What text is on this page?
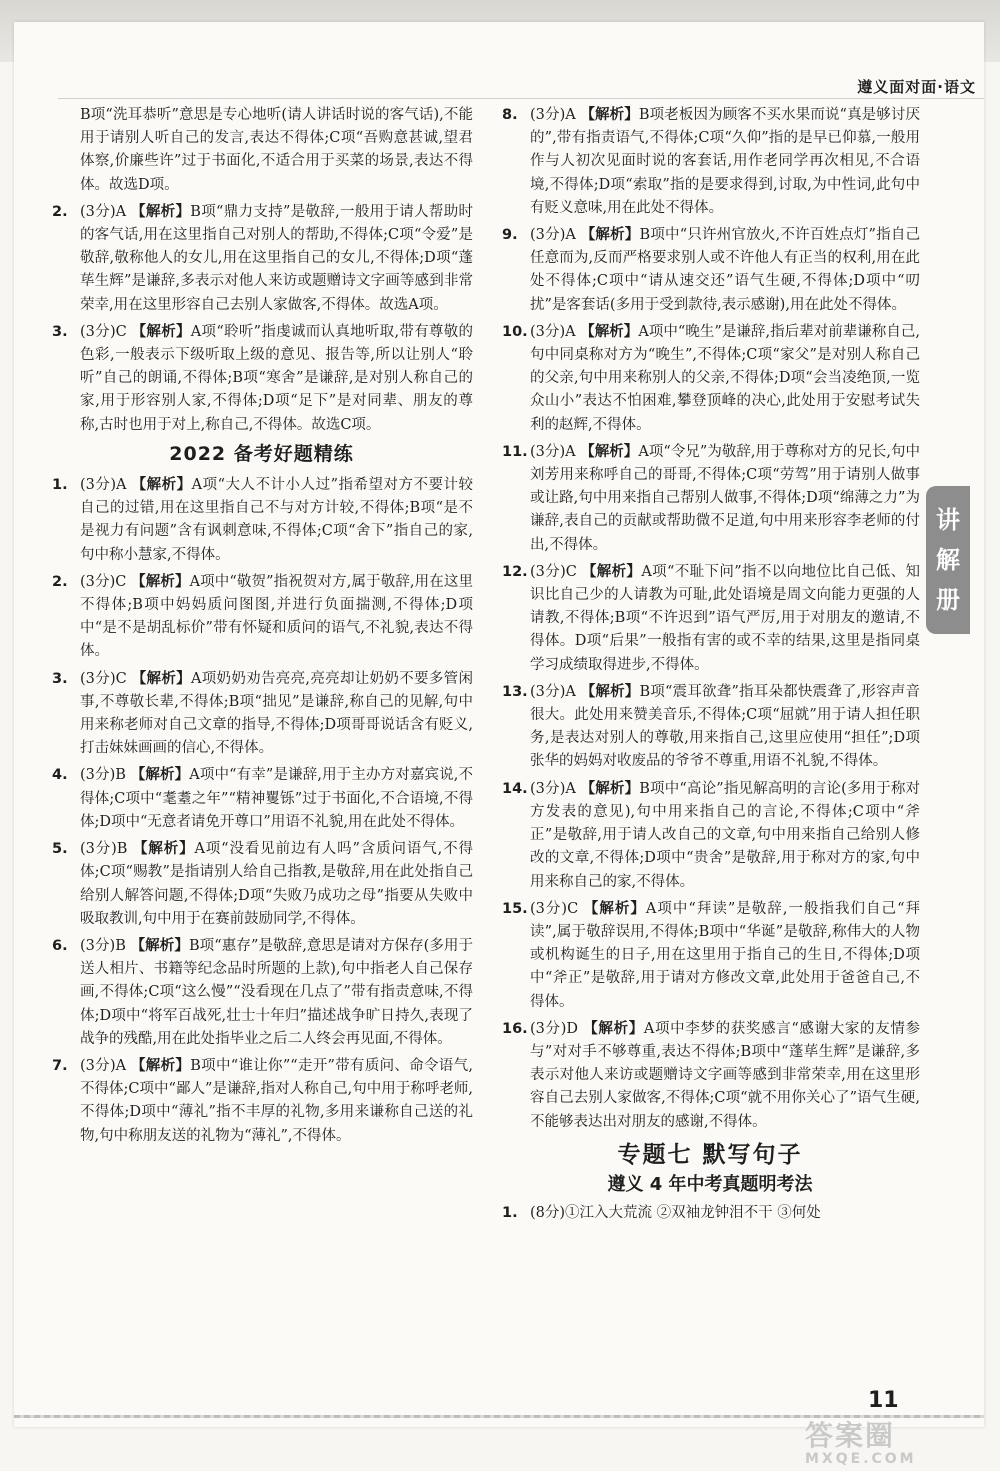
遵义面对面·语文
B项“洗耳恭听”意思是专心地听(请人讲话时说的客气话),不能用于请别人听自己的发言,表达不得体;C项“吾购意甚诚,望君体察,价廉些许”过于书面化,不适合用于买菜的场景,表达不得体。故选D项。
2. (3分)A 【解析】B项“鼎力支持”是敬辞,一般用于请人帮助时的客气话,用在这里指自己对别人的帮助,不得体;C项“令爱”是敬辞,敬称他人的女儿,用在这里指自己的女儿,不得体;D项“蓬荜生辉”是谦辞,多表示对他人来访或题赠诗文字画等感到非常荣幸,用在这里形容自己去别人家做客,不得体。故选A项。
3. (3分)C 【解析】A项“聆听”指虔诚而认真地听取,带有尊敬的色彩,一般表示下级听取上级的意见、报告等,所以让别人“聆听”自己的朗诵,不得体;B项“寒舍”是谦辞,是对别人称自己的家,用于形容别人家,不得体;D项“足下”是对同辈、朋友的尊称,古时也用于对上,称自己,不得体。故选C项。
2022 备考好题精练
1. (3分)A 【解析】A项“大人不计小人过”指希望对方不要计较自己的过错,用在这里指自己不与对方计较,不得体;B项“是不是视力有问题”含有讽刺意味,不得体;C项“舍下”指自己的家,句中称小慧家,不得体。
2. (3分)C 【解析】A项中“敬贺”指祝贺对方,属于敬辞,用在这里不得体;B项中妈妈质问图图,并进行负面揣测,不得体;D项中“是不是胡乱标价”带有怀疑和质问的语气,不礼貌,表达不得体。
3. (3分)C 【解析】A项奶奶劝告亮亮,亮亮却让奶奶不要多管闲事,不尊敬长辈,不得体;B项“拙见”是谦辞,称自己的见解,句中用来称老师对自己文章的指导,不得体;D项哥哥说话含有贬义,打击妹妹画画的信心,不得体。
4. (3分)B 【解析】A项中“有幸”是谦辞,用于主办方对嘉宾说,不得体;C项中“耄耋之年”“精神矍铄”过于书面化,不合语境,不得体;D项中“无意者请免开尊口”用语不礼貌,用在此处不得体。
5. (3分)B 【解析】A项“没看见前边有人吗”含质问语气,不得体;C项“赐教”是指请别人给自己指教,是敬辞,用在此处指自己给别人解答问题,不得体;D项“失败乃成功之母”指要从失败中吸取教训,句中用于在赛前鼓励同学,不得体。
6. (3分)B 【解析】B项“惠存”是敬辞,意思是请对方保存(多用于送人相片、书籍等纪念品时所题的上款),句中指老人自己保存画,不得体;C项“这么慢”“没看现在几点了”带有指责意味,不得体;D项中“将军百战死,壮士十年归”描述战争旷日持久,表现了战争的残酷,用在此处指毕业之后二人终会再见面,不得体。
7. (3分)A 【解析】B项中“谁让你”“走开”带有质问、命令语气,不得体;C项中“鄙人”是谦辞,指对人称自己,句中用于称呼老师,不得体;D项中“薄礼”指不丰厚的礼物,多用来谦称自己送的礼物,句中称朋友送的礼物为“薄礼”,不得体。
8. (3分)A 【解析】B项老板因为顾客不买水果而说“真是够讨厌的”,带有指责语气,不得体;C项“久仰”指的是早已仰慕,一般用作与人初次见面时说的客套话,用作老同学再次相见,不合语境,不得体;D项“索取”指的是要求得到,讨取,为中性词,此句中有贬义意味,用在此处不得体。
9. (3分)A 【解析】B项中“只许州官放火,不许百姓点灯”指自己任意而为,反而严格要求别人或不许他人有正当的权利,用在此处不得体;C项中“请从速交还”语气生硬,不得体;D项中“叨扰”是客套话(多用于受到款待,表示感谢),用在此处不得体。
10. (3分)A 【解析】A项中“晚生”是谦辞,指后辈对前辈谦称自己,句中同桌称对方为“晚生”,不得体;C项“家父”是对别人称自己的父亲,句中用来称别人的父亲,不得体;D项“会当凌绝顶,一览众山小”表达不怕困难,攀登顶峰的决心,此处用于安慰考试失利的赵辉,不得体。
11. (3分)A 【解析】A项“令兄”为敬辞,用于尊称对方的兄长,句中刘芳用来称呼自己的哥哥,不得体;C项“劳驾”用于请别人做事或让路,句中用来指自己帮别人做事,不得体;D项“绵薄之力”为谦辞,表自己的贡献或帮助微不足道,句中用来形容李老师的付出,不得体。
12. (3分)C 【解析】A项“不耻下问”指不以向地位比自己低、知识比自己少的人请教为可耻,此处语境是周文向能力更强的人请教,不得体;B项“不许迟到”语气严厉,用于对朋友的邀请,不得体。D项“后果”一般指有害的或不幸的结果,这里是指同桌学习成绩取得进步,不得体。
13. (3分)A 【解析】B项“震耳欲聋”指耳朵都快震聋了,形容声音很大。此处用来赞美音乐,不得体;C项“屈就”用于请人担任职务,是表达对别人的尊敬,用来指自己,这里应使用“担任”;D项张华的妈妈对收废品的爷爷不尊重,用语不礼貌,不得体。
14. (3分)A 【解析】B项中“高论”指见解高明的言论(多用于称对方发表的意见),句中用来指自己的言论,不得体;C项中“斧正”是敬辞,用于请人改自己的文章,句中用来指自己给别人修改的文章,不得体;D项中“贵舍”是敬辞,用于称对方的家,句中用来称自己的家,不得体。
15. (3分)C 【解析】A项中“拜读”是敬辞,一般指我们自己“拜读”,属于敬辞误用,不得体;B项中“华诞”是敬辞,称伟大的人物或机构诞生的日子,用在这里用于指自己的生日,不得体;D项中“斧正”是敬辞,用于请对方修改文章,此处用于爸爸自己,不得体。
16. (3分)D 【解析】A项中李梦的获奖感言“感谢大家的友情参与”对对手不够尊重,表达不得体;B项中“蓬荜生辉”是谦辞,多表示对他人来访或题赠诗文字画等感到非常荣幸,用在这里形容自己去别人家做客,不得体;C项“就不用你关心了”语气生硬,不能够表达出对朋友的感谢,不得体。
专题七 默写句子
遵义 4 年中考真题明考法
1. (8分)①江入大荒流 ②双袖龙钟泪不干 ③何处
讲
解
册
11
答案圈
MXQE.COM
